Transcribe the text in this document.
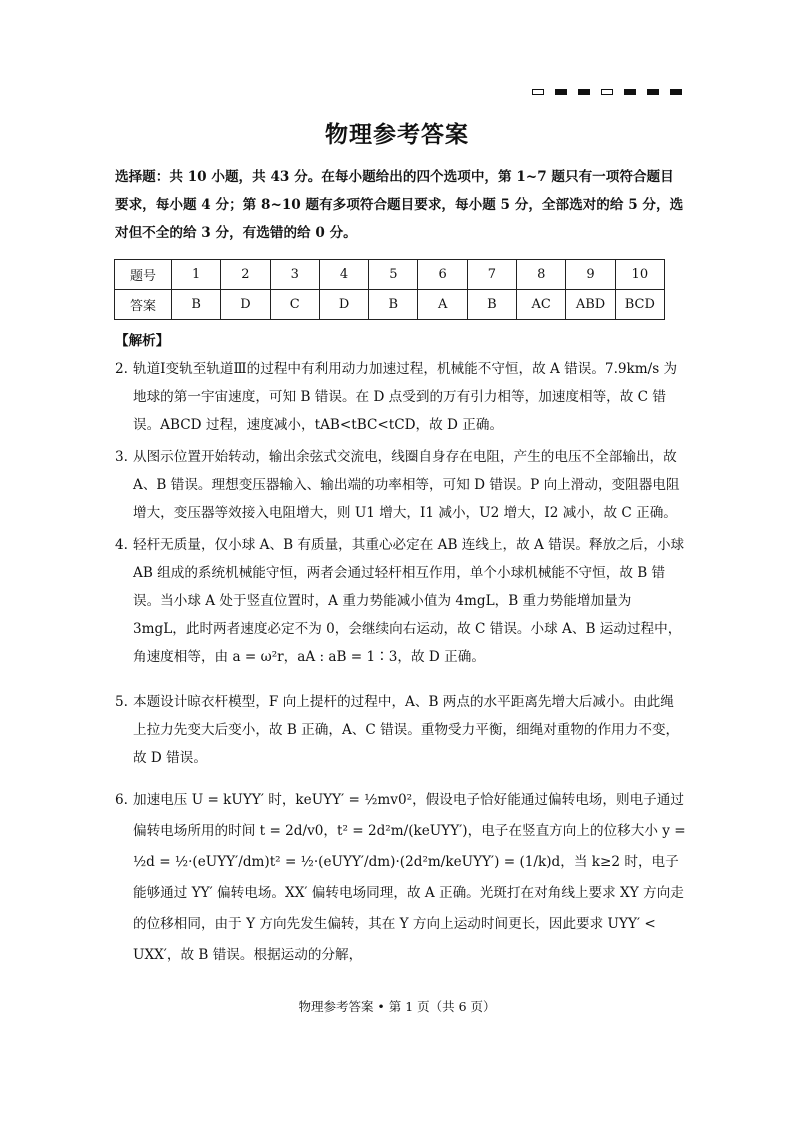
物理参考答案
选择题：共 10 小题，共 43 分。在每小题给出的四个选项中，第 1~7 题只有一项符合题目要求，每小题 4 分；第 8~10 题有多项符合题目要求，每小题 5 分，全部选对的给 5 分，选对但不全的给 3 分，有选错的给 0 分。
题号	1	2	3	4	5	6	7	8	9	10
答案	B	D	C	D	B	A	B	AC	ABD	BCD
【解析】

2. 轨道Ⅰ变轨至轨道Ⅲ的过程中有利用动力加速过程，机械能不守恒，故 A 错误。7.9km/s 为地球的第一宇宙速度，可知 B 错误。在 D 点受到的万有引力相等，加速度相等，故 C 错误。ABCD 过程，速度减小，tAB<tBC<tCD，故 D 正确。

3. 从图示位置开始转动，输出余弦式交流电，线圈自身存在电阻，产生的电压不全部输出，故 A、B 错误。理想变压器输入、输出端的功率相等，可知 D 错误。P 向上滑动，变阻器电阻增大，变压器等效接入电阻增大，则 U1 增大，I1 减小，U2 增大，I2 减小，故 C 正确。

4. 轻杆无质量，仅小球 A、B 有质量，其重心必定在 AB 连线上，故 A 错误。释放之后，小球 AB 组成的系统机械能守恒，两者会通过轻杆相互作用，单个小球机械能不守恒，故 B 错误。当小球 A 处于竖直位置时，A 重力势能减小值为 4mgL，B 重力势能增加量为 3mgL，此时两者速度必定不为 0，会继续向右运动，故 C 错误。小球 A、B 运动过程中，角速度相等，由 a = ω²r，aA : aB = 1∶3，故 D 正确。

5. 本题设计晾衣杆模型，F 向上提杆的过程中，A、B 两点的水平距离先增大后减小。由此绳上拉力先变大后变小，故 B 正确，A、C 错误。重物受力平衡，细绳对重物的作用力不变，故 D 错误。

6. 加速电压 U = kUYY′ 时，keUYY′ = ½mv0²，假设电子恰好能通过偏转电场，则电子通过偏转电场所用的时间 t = 2d/v0，t² = 2d²m/(keUYY′)，电子在竖直方向上的位移大小 y = ½d = ½·(eUYY′/dm)t² = ½·(eUYY′/dm)·(2d²m/keUYY′) = (1/k)d，当 k≥2 时，电子能够通过 YY′ 偏转电场。XX′ 偏转电场同理，故 A 正确。光斑打在对角线上要求 XY 方向走的位移相同，由于 Y 方向先发生偏转，其在 Y 方向上运动时间更长，因此要求 UYY′ < UXX′，故 B 错误。根据运动的分解，

物理参考答案 • 第 1 页（共 6 页）
